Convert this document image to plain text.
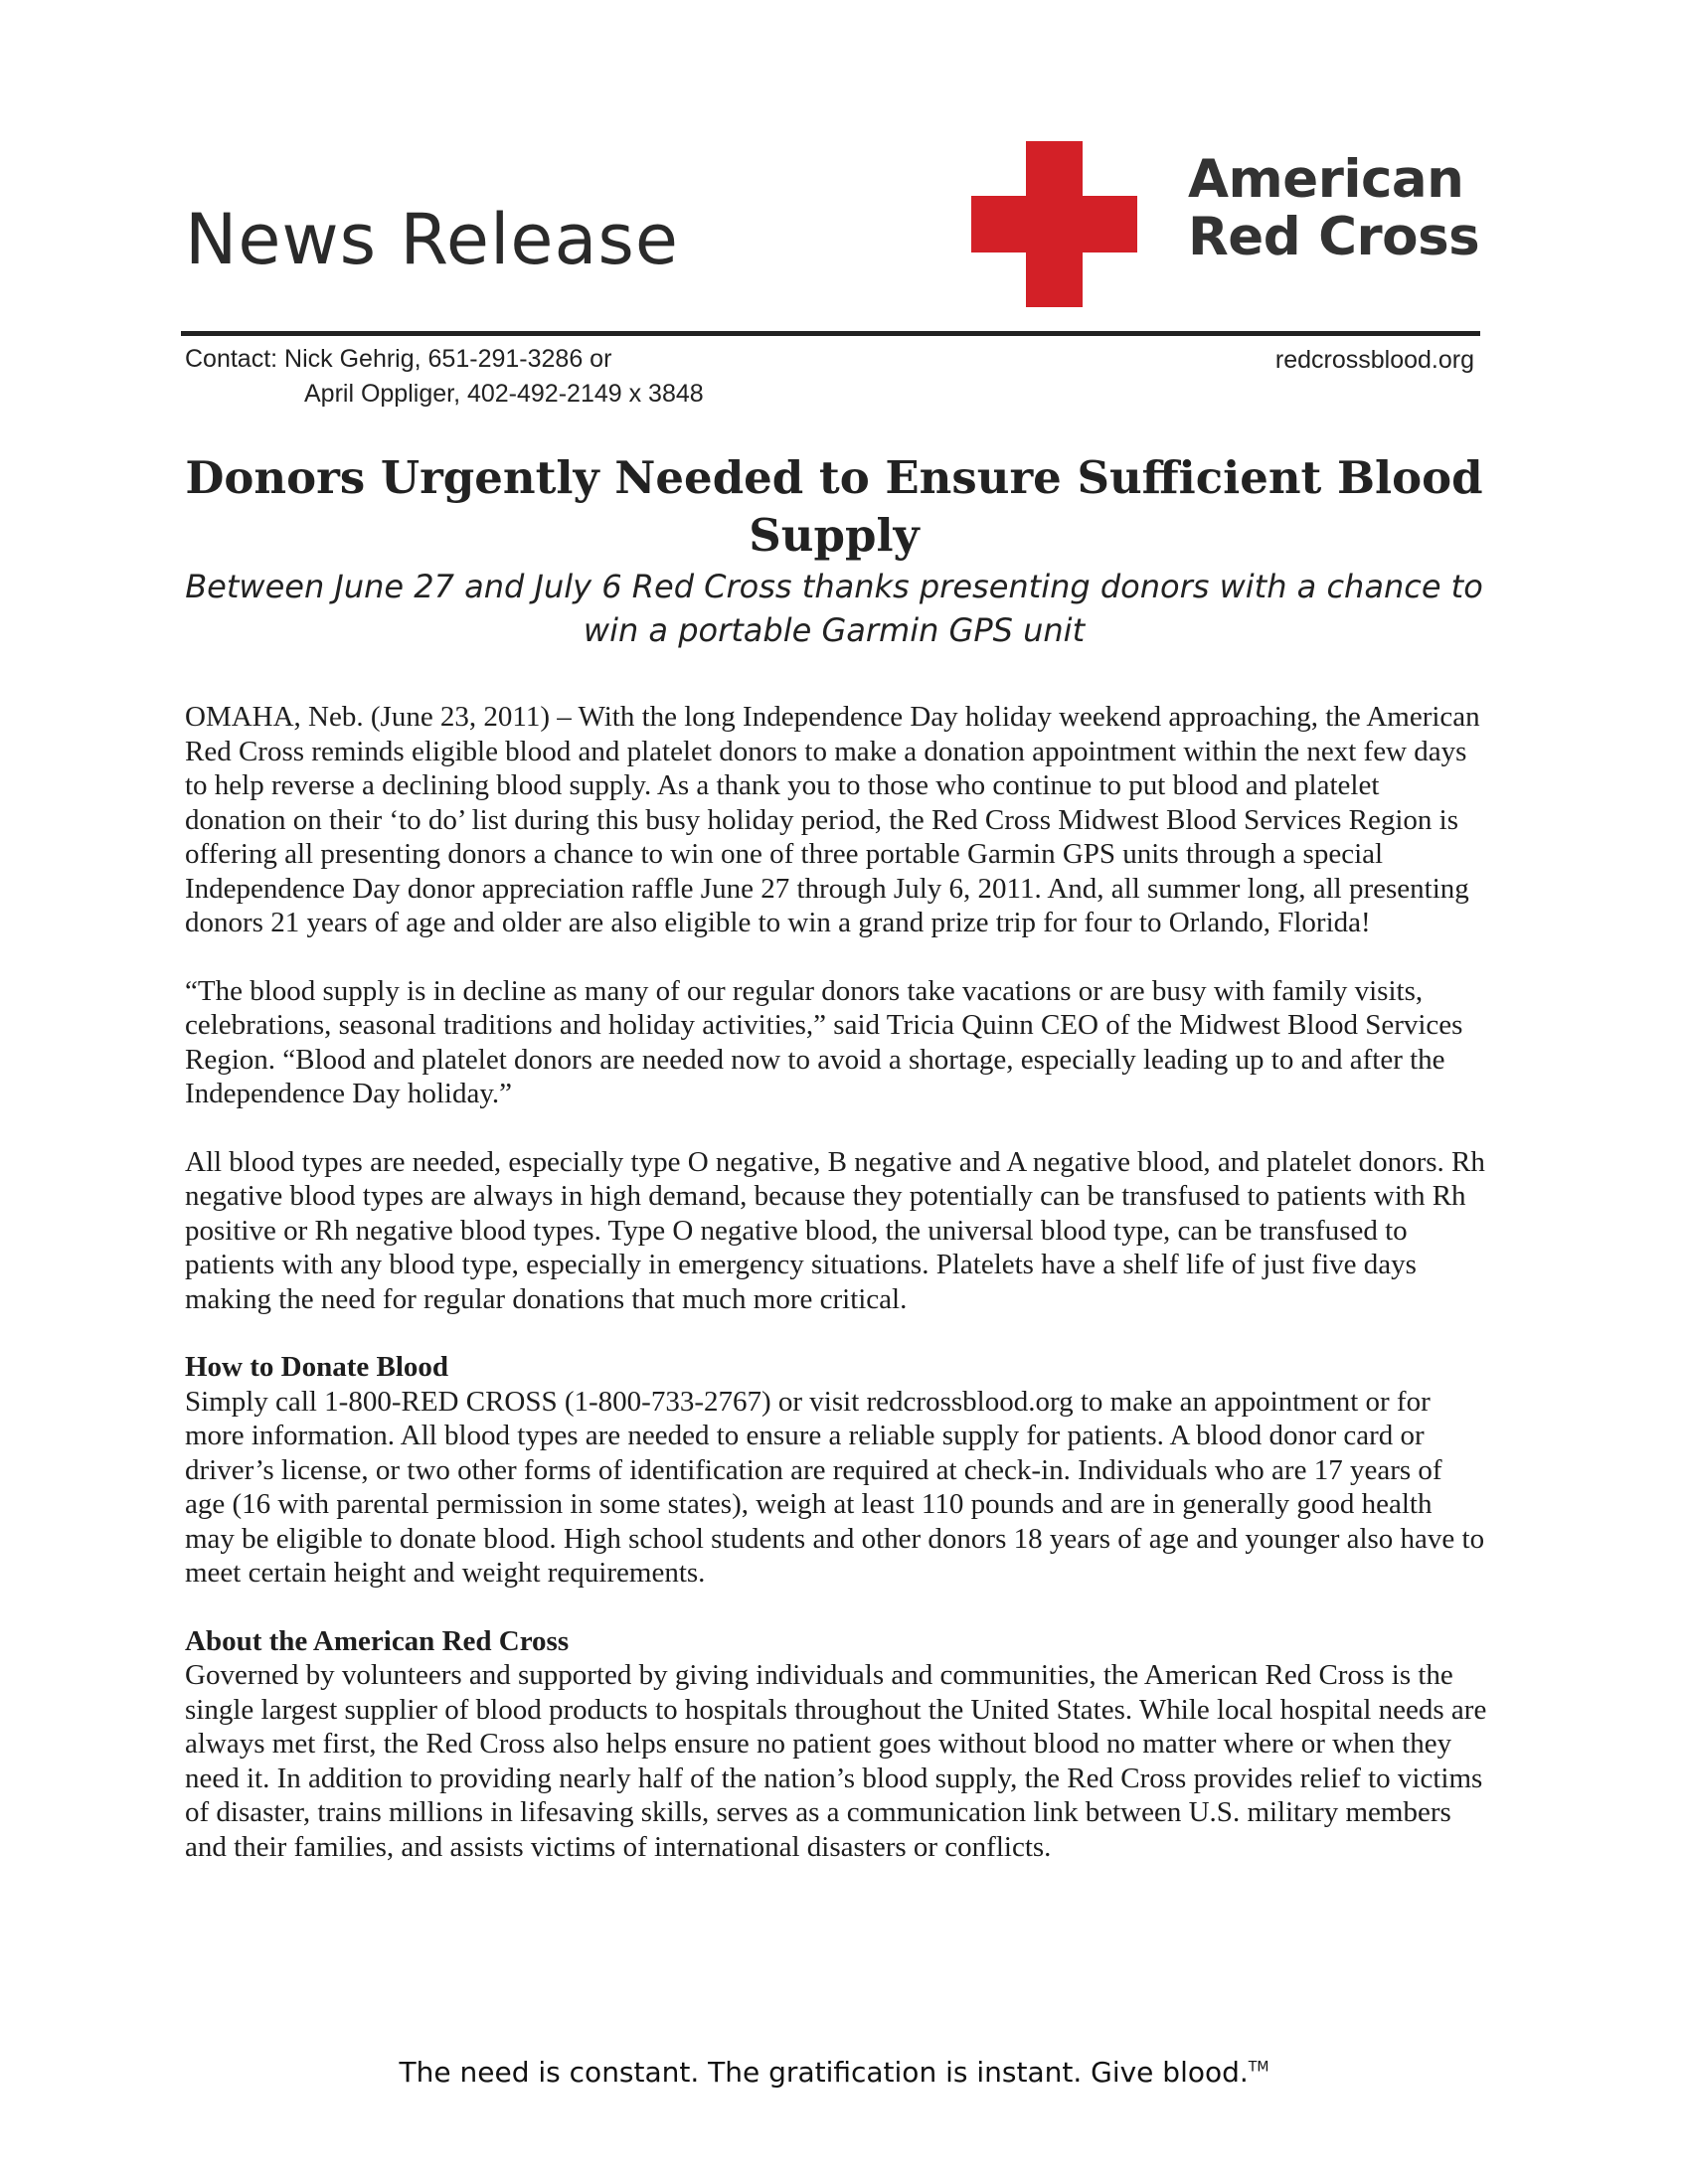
News Release
American
Red Cross
Contact: Nick Gehrig, 651-291-3286 or
April Oppliger, 402-492-2149 x 3848
redcrossblood.org
Donors Urgently Needed to Ensure Sufficient Blood Supply
Between June 27 and July 6 Red Cross thanks presenting donors with a chance to win a portable Garmin GPS unit

OMAHA, Neb. (June 23, 2011) – With the long Independence Day holiday weekend approaching, the American Red Cross reminds eligible blood and platelet donors to make a donation appointment within the next few days to help reverse a declining blood supply. As a thank you to those who continue to put blood and platelet donation on their ‘to do’ list during this busy holiday period, the Red Cross Midwest Blood Services Region is offering all presenting donors a chance to win one of three portable Garmin GPS units through a special Independence Day donor appreciation raffle June 27 through July 6, 2011. And, all summer long, all presenting donors 21 years of age and older are also eligible to win a grand prize trip for four to Orlando, Florida!

“The blood supply is in decline as many of our regular donors take vacations or are busy with family visits, celebrations, seasonal traditions and holiday activities,” said Tricia Quinn CEO of the Midwest Blood Services Region. “Blood and platelet donors are needed now to avoid a shortage, especially leading up to and after the Independence Day holiday.”

All blood types are needed, especially type O negative, B negative and A negative blood, and platelet donors. Rh negative blood types are always in high demand, because they potentially can be transfused to patients with Rh positive or Rh negative blood types. Type O negative blood, the universal blood type, can be transfused to patients with any blood type, especially in emergency situations. Platelets have a shelf life of just five days making the need for regular donations that much more critical.

How to Donate Blood
Simply call 1-800-RED CROSS (1-800-733-2767) or visit redcrossblood.org to make an appointment or for more information. All blood types are needed to ensure a reliable supply for patients. A blood donor card or driver’s license, or two other forms of identification are required at check-in. Individuals who are 17 years of age (16 with parental permission in some states), weigh at least 110 pounds and are in generally good health may be eligible to donate blood. High school students and other donors 18 years of age and younger also have to meet certain height and weight requirements.
About the American Red Cross
Governed by volunteers and supported by giving individuals and communities, the American Red Cross is the single largest supplier of blood products to hospitals throughout the United States. While local hospital needs are always met first, the Red Cross also helps ensure no patient goes without blood no matter where or when they need it. In addition to providing nearly half of the nation’s blood supply, the Red Cross provides relief to victims of disaster, trains millions in lifesaving skills, serves as a communication link between U.S. military members and their families, and assists victims of international disasters or conflicts.
The need is constant. The gratification is instant. Give blood.™
